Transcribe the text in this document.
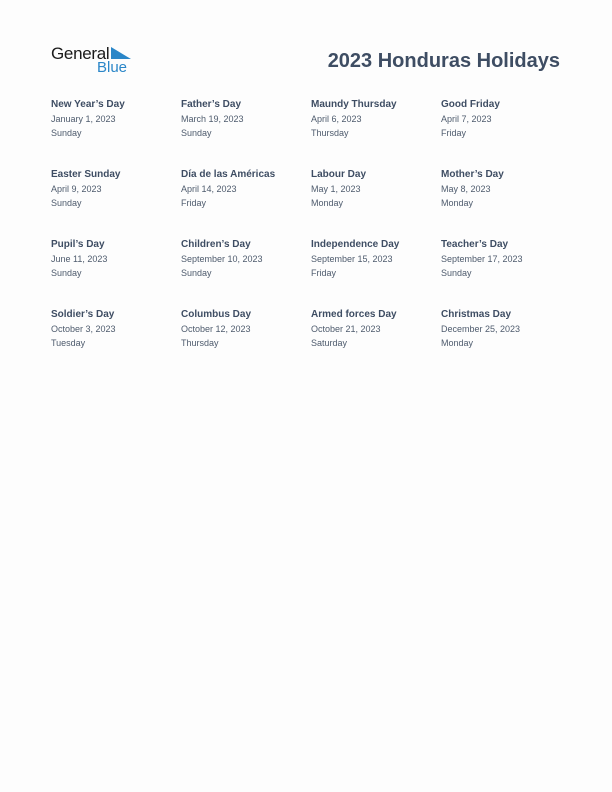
General
Blue	2023 Honduras Holidays
New Year’s Day
January 1, 2023
Sunday
Father’s Day
March 19, 2023
Sunday
Maundy Thursday
April 6, 2023
Thursday
Good Friday
April 7, 2023
Friday
Easter Sunday
April 9, 2023
Sunday
Día de las Américas
April 14, 2023
Friday
Labour Day
May 1, 2023
Monday
Mother’s Day
May 8, 2023
Monday
Pupil’s Day
June 11, 2023
Sunday
Children’s Day
September 10, 2023
Sunday
Independence Day
September 15, 2023
Friday
Teacher’s Day
September 17, 2023
Sunday
Soldier’s Day
October 3, 2023
Tuesday
Columbus Day
October 12, 2023
Thursday
Armed forces Day
October 21, 2023
Saturday
Christmas Day
December 25, 2023
Monday
